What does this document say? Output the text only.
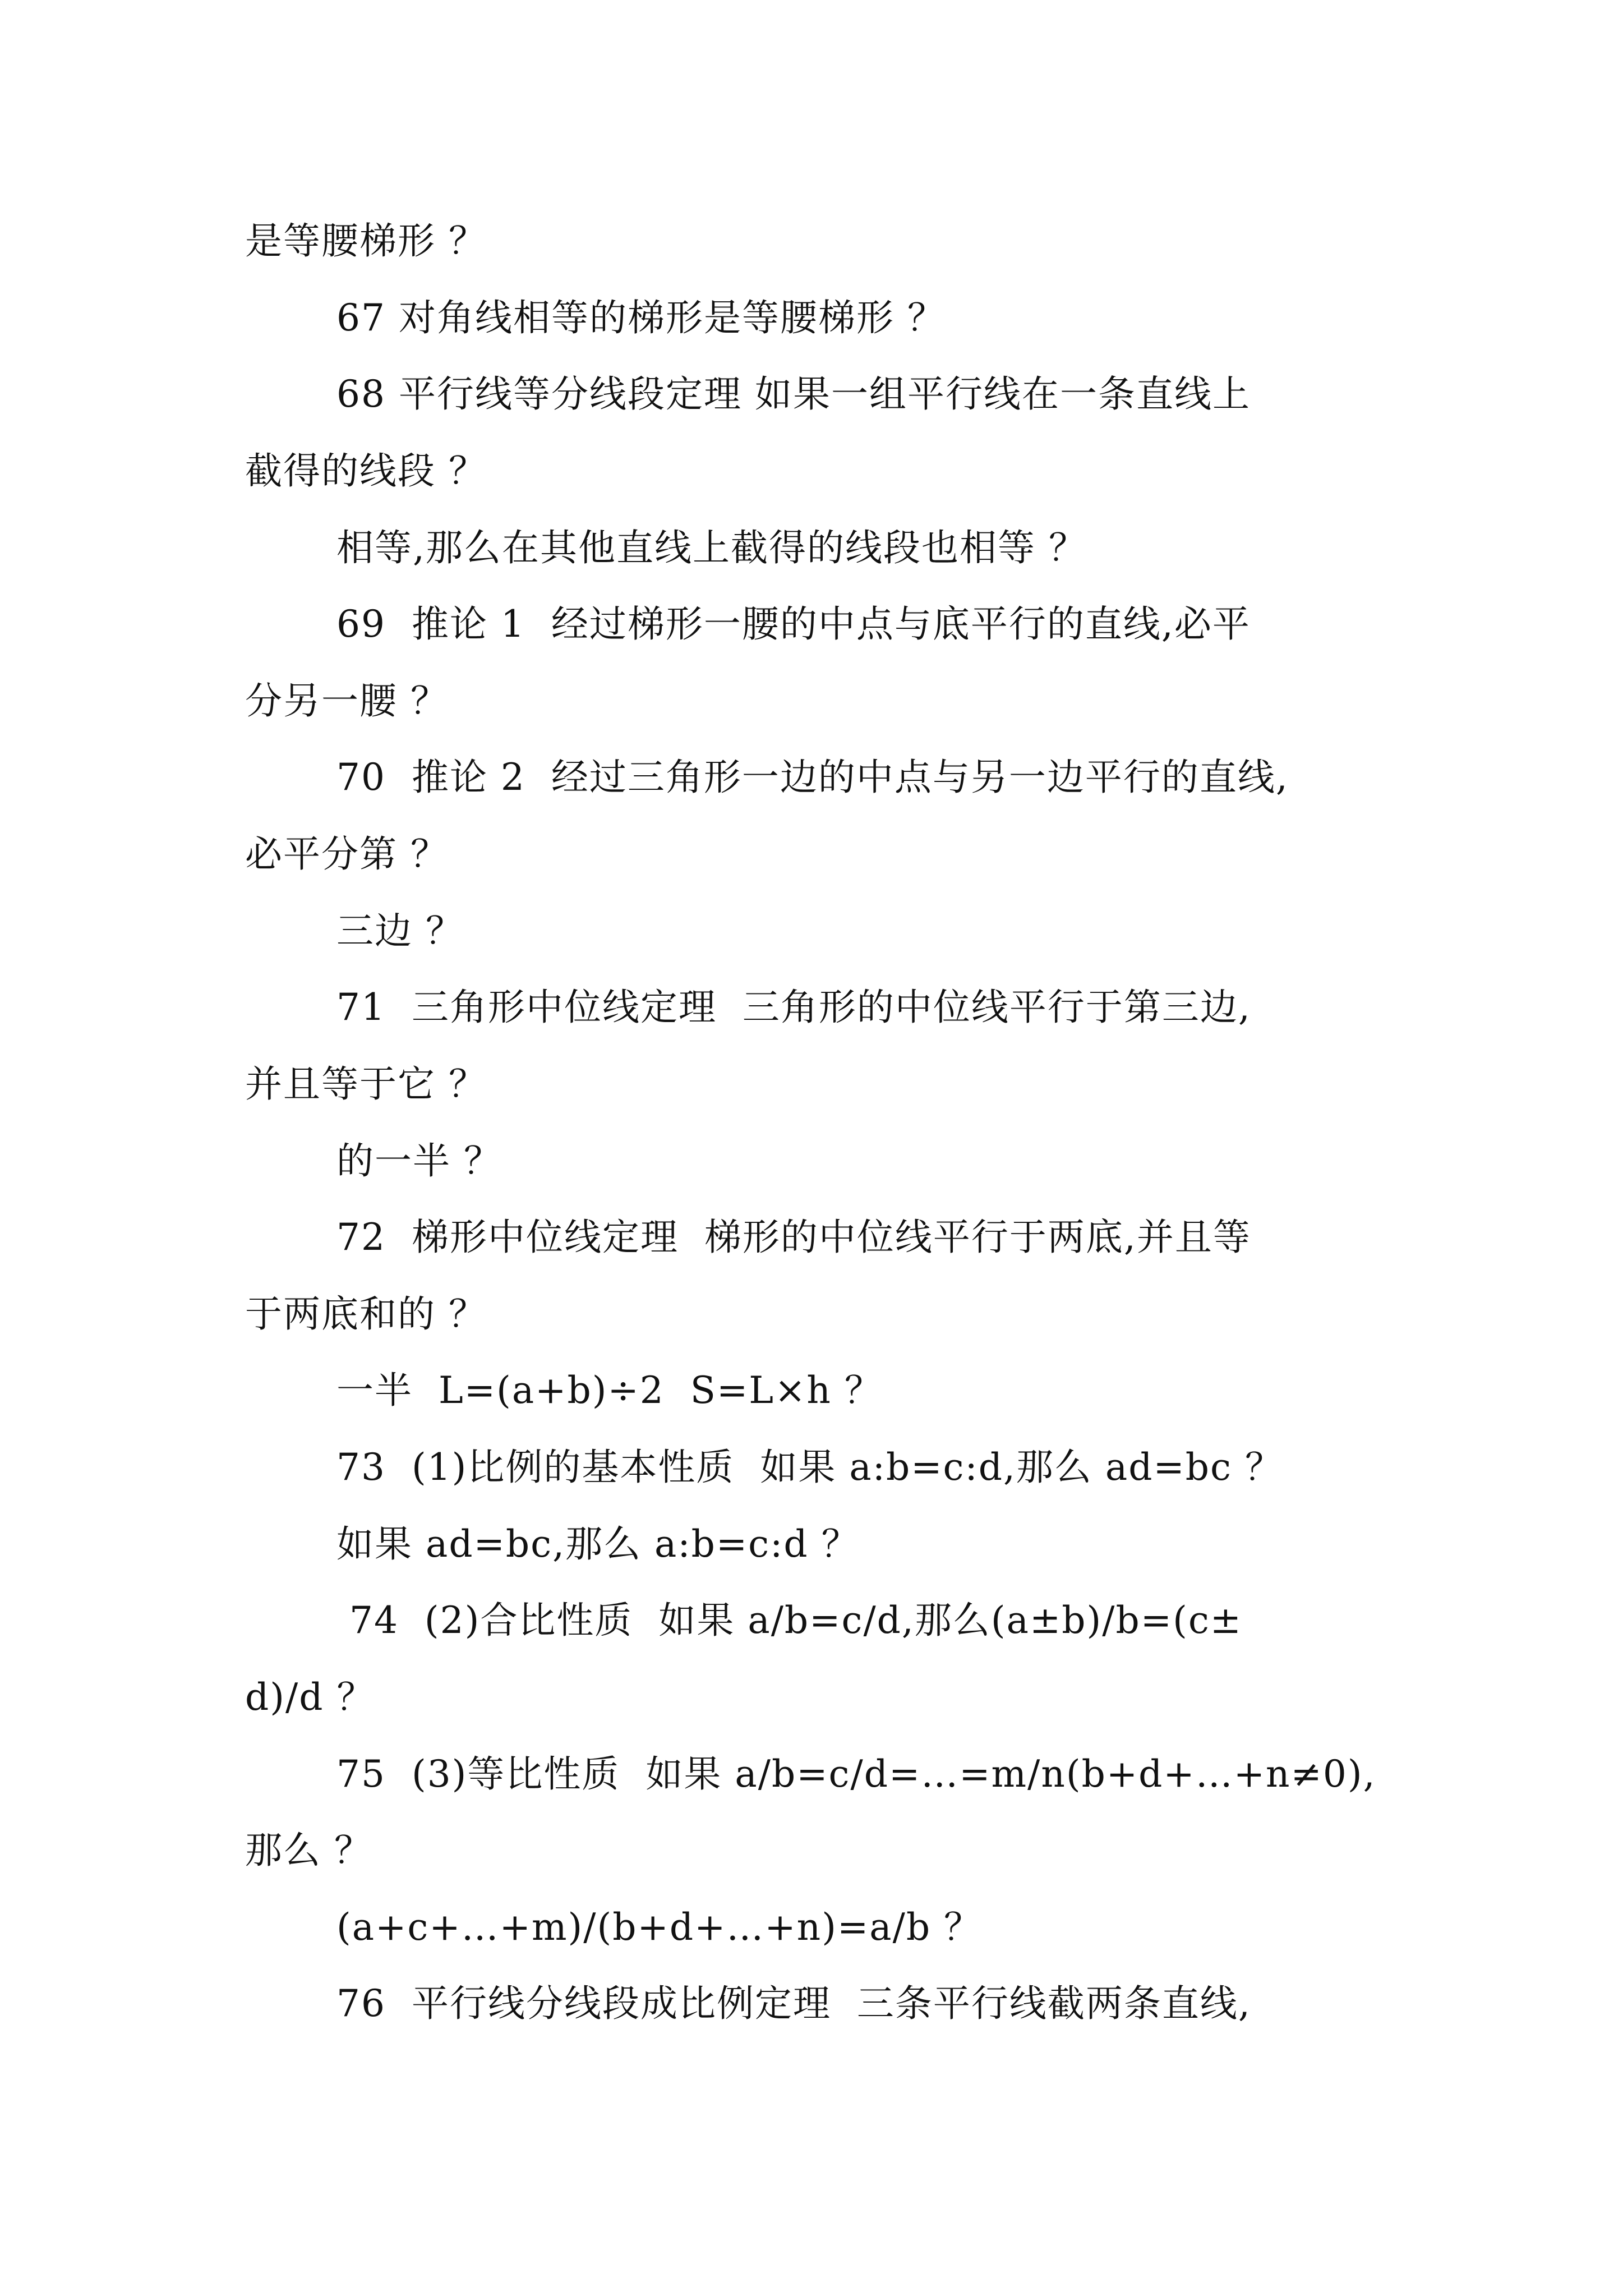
是等腰梯形 ？

67 对角线相等的梯形是等腰梯形 ？

68 平行线等分线段定理 如果一组平行线在一条直线上

截得的线段 ？

相等,那么在其他直线上截得的线段也相等 ？

69  推论 1  经过梯形一腰的中点与底平行的直线,必平

分另一腰 ？

70  推论 2  经过三角形一边的中点与另一边平行的直线,

必平分第 ？

三边 ？

71  三角形中位线定理  三角形的中位线平行于第三边,

并且等于它 ？

的一半 ？

72  梯形中位线定理  梯形的中位线平行于两底,并且等

于两底和的 ？

一半  L=(a+b)÷2  S=L×h ？

73  (1)比例的基本性质  如果 a:b=c:d,那么 ad=bc ？

如果 ad=bc,那么 a:b=c:d ？

74  (2)合比性质  如果 a/b=c/d,那么(a±b)/b=(c±

d)/d ？

75  (3)等比性质  如果 a/b=c/d=…=m/n(b+d+…+n≠0),

那么 ？

(a+c+…+m)/(b+d+…+n)=a/b ？

76  平行线分线段成比例定理  三条平行线截两条直线,
